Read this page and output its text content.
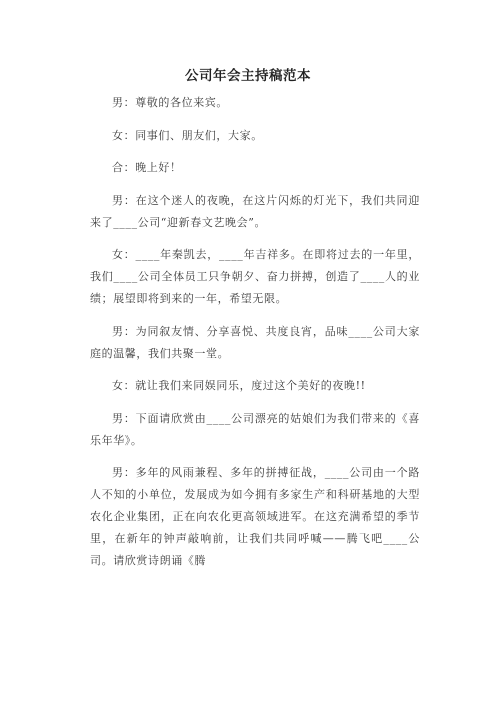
公司年会主持稿范本

男：尊敬的各位来宾。

女：同事们、朋友们，大家。

合：晚上好！

男：在这个迷人的夜晚，在这片闪烁的灯光下，我们共同迎来了____公司“迎新春文艺晚会”。

女：____年秦凯去，____年吉祥多。在即将过去的一年里，我们____公司全体员工只争朝夕、奋力拼搏，创造了____人的业绩；展望即将到来的一年，希望无限。

男：为同叙友情、分享喜悦、共度良宵，品味____公司大家庭的温馨，我们共聚一堂。

女：就让我们来同娱同乐，度过这个美好的夜晚!!

男：下面请欣赏由____公司漂亮的姑娘们为我们带来的《喜乐年华》。

男：多年的风雨兼程、多年的拼搏征战，____公司由一个路人不知的小单位，发展成为如今拥有多家生产和科研基地的大型农化企业集团，正在向农化更高领域进军。在这充满希望的季节里，在新年的钟声敲响前，让我们共同呼喊——腾飞吧____公司。请欣赏诗朗诵《腾
